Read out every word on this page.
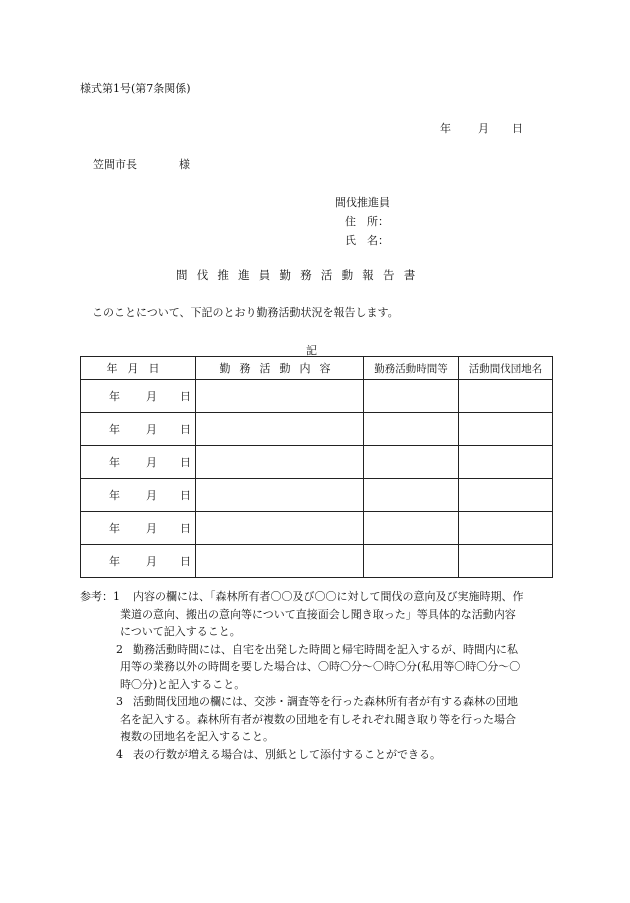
様式第1号(第7条関係)
年 月 日
笠間市長	様
間伐推進員
住　所：
氏　名：
間伐推進員勤務活動報告書
このことについて、下記のとおり勤務活動状況を報告します。
記
年月日	勤務活動内容	勤務活動時間等	活動間伐団地名
年 月 日			
年 月 日			
年 月 日			
年 月 日			
年 月 日			
年 月 日			
参考： 1 内容の欄には、「森林所有者〇〇及び〇〇に対して間伐の意向及び実施時期、作
業道の意向、搬出の意向等について直接面会し聞き取った」等具体的な活動内容
について記入すること。
2 勤務活動時間には、自宅を出発した時間と帰宅時間を記入するが、時間内に私
用等の業務以外の時間を要した場合は、〇時〇分～〇時〇分(私用等〇時〇分～〇
時〇分)と記入すること。
3 活動間伐団地の欄には、交渉・調査等を行った森林所有者が有する森林の団地
名を記入する。森林所有者が複数の団地を有しそれぞれ聞き取り等を行った場合
複数の団地名を記入すること。
4 表の行数が増える場合は、別紙として添付することができる。
